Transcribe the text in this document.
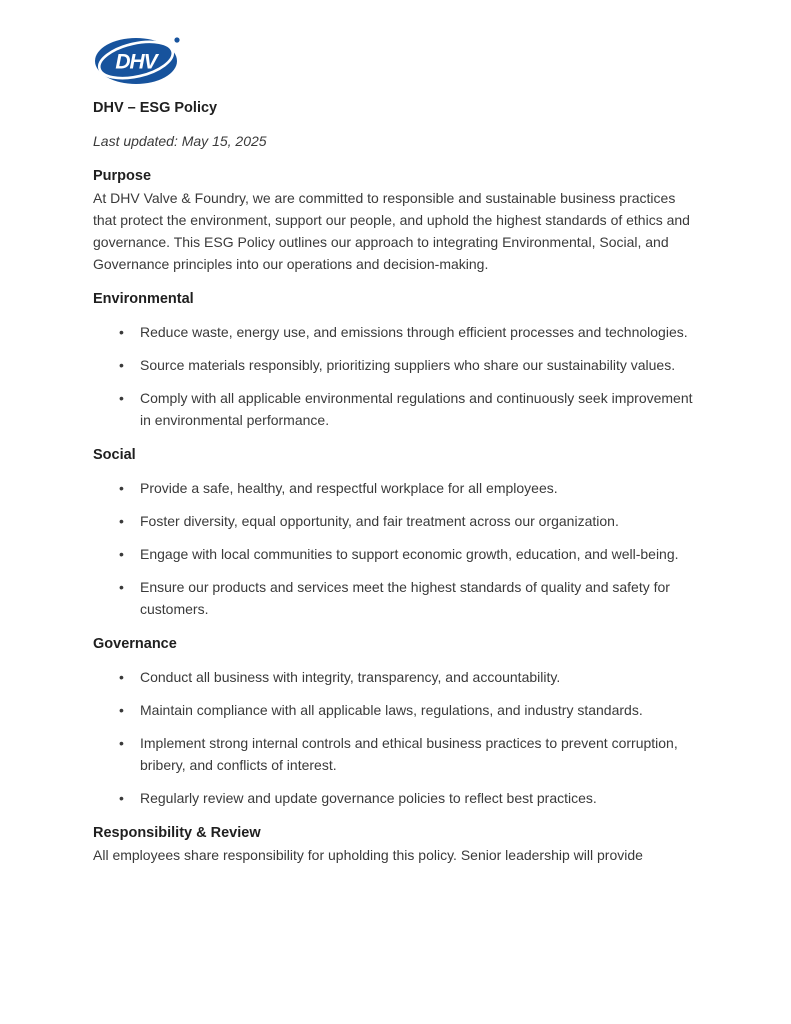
DHV
DHV – ESG Policy
Last updated: May 15, 2025
Purpose

At DHV Valve & Foundry, we are committed to responsible and sustainable business practices that protect the environment, support our people, and uphold the highest standards of ethics and governance. This ESG Policy outlines our approach to integrating Environmental, Social, and Governance principles into our operations and decision-making.

Environmental
• Reduce waste, energy use, and emissions through efficient processes and technologies.
• Source materials responsibly, prioritizing suppliers who share our sustainability values.
• Comply with all applicable environmental regulations and continuously seek improvement in environmental performance.
Social
• Provide a safe, healthy, and respectful workplace for all employees.
• Foster diversity, equal opportunity, and fair treatment across our organization.
• Engage with local communities to support economic growth, education, and well-being.
• Ensure our products and services meet the highest standards of quality and safety for customers.
Governance
• Conduct all business with integrity, transparency, and accountability.
• Maintain compliance with all applicable laws, regulations, and industry standards.
• Implement strong internal controls and ethical business practices to prevent corruption, bribery, and conflicts of interest.
• Regularly review and update governance policies to reflect best practices.
Responsibility & Review

All employees share responsibility for upholding this policy. Senior leadership will provide
